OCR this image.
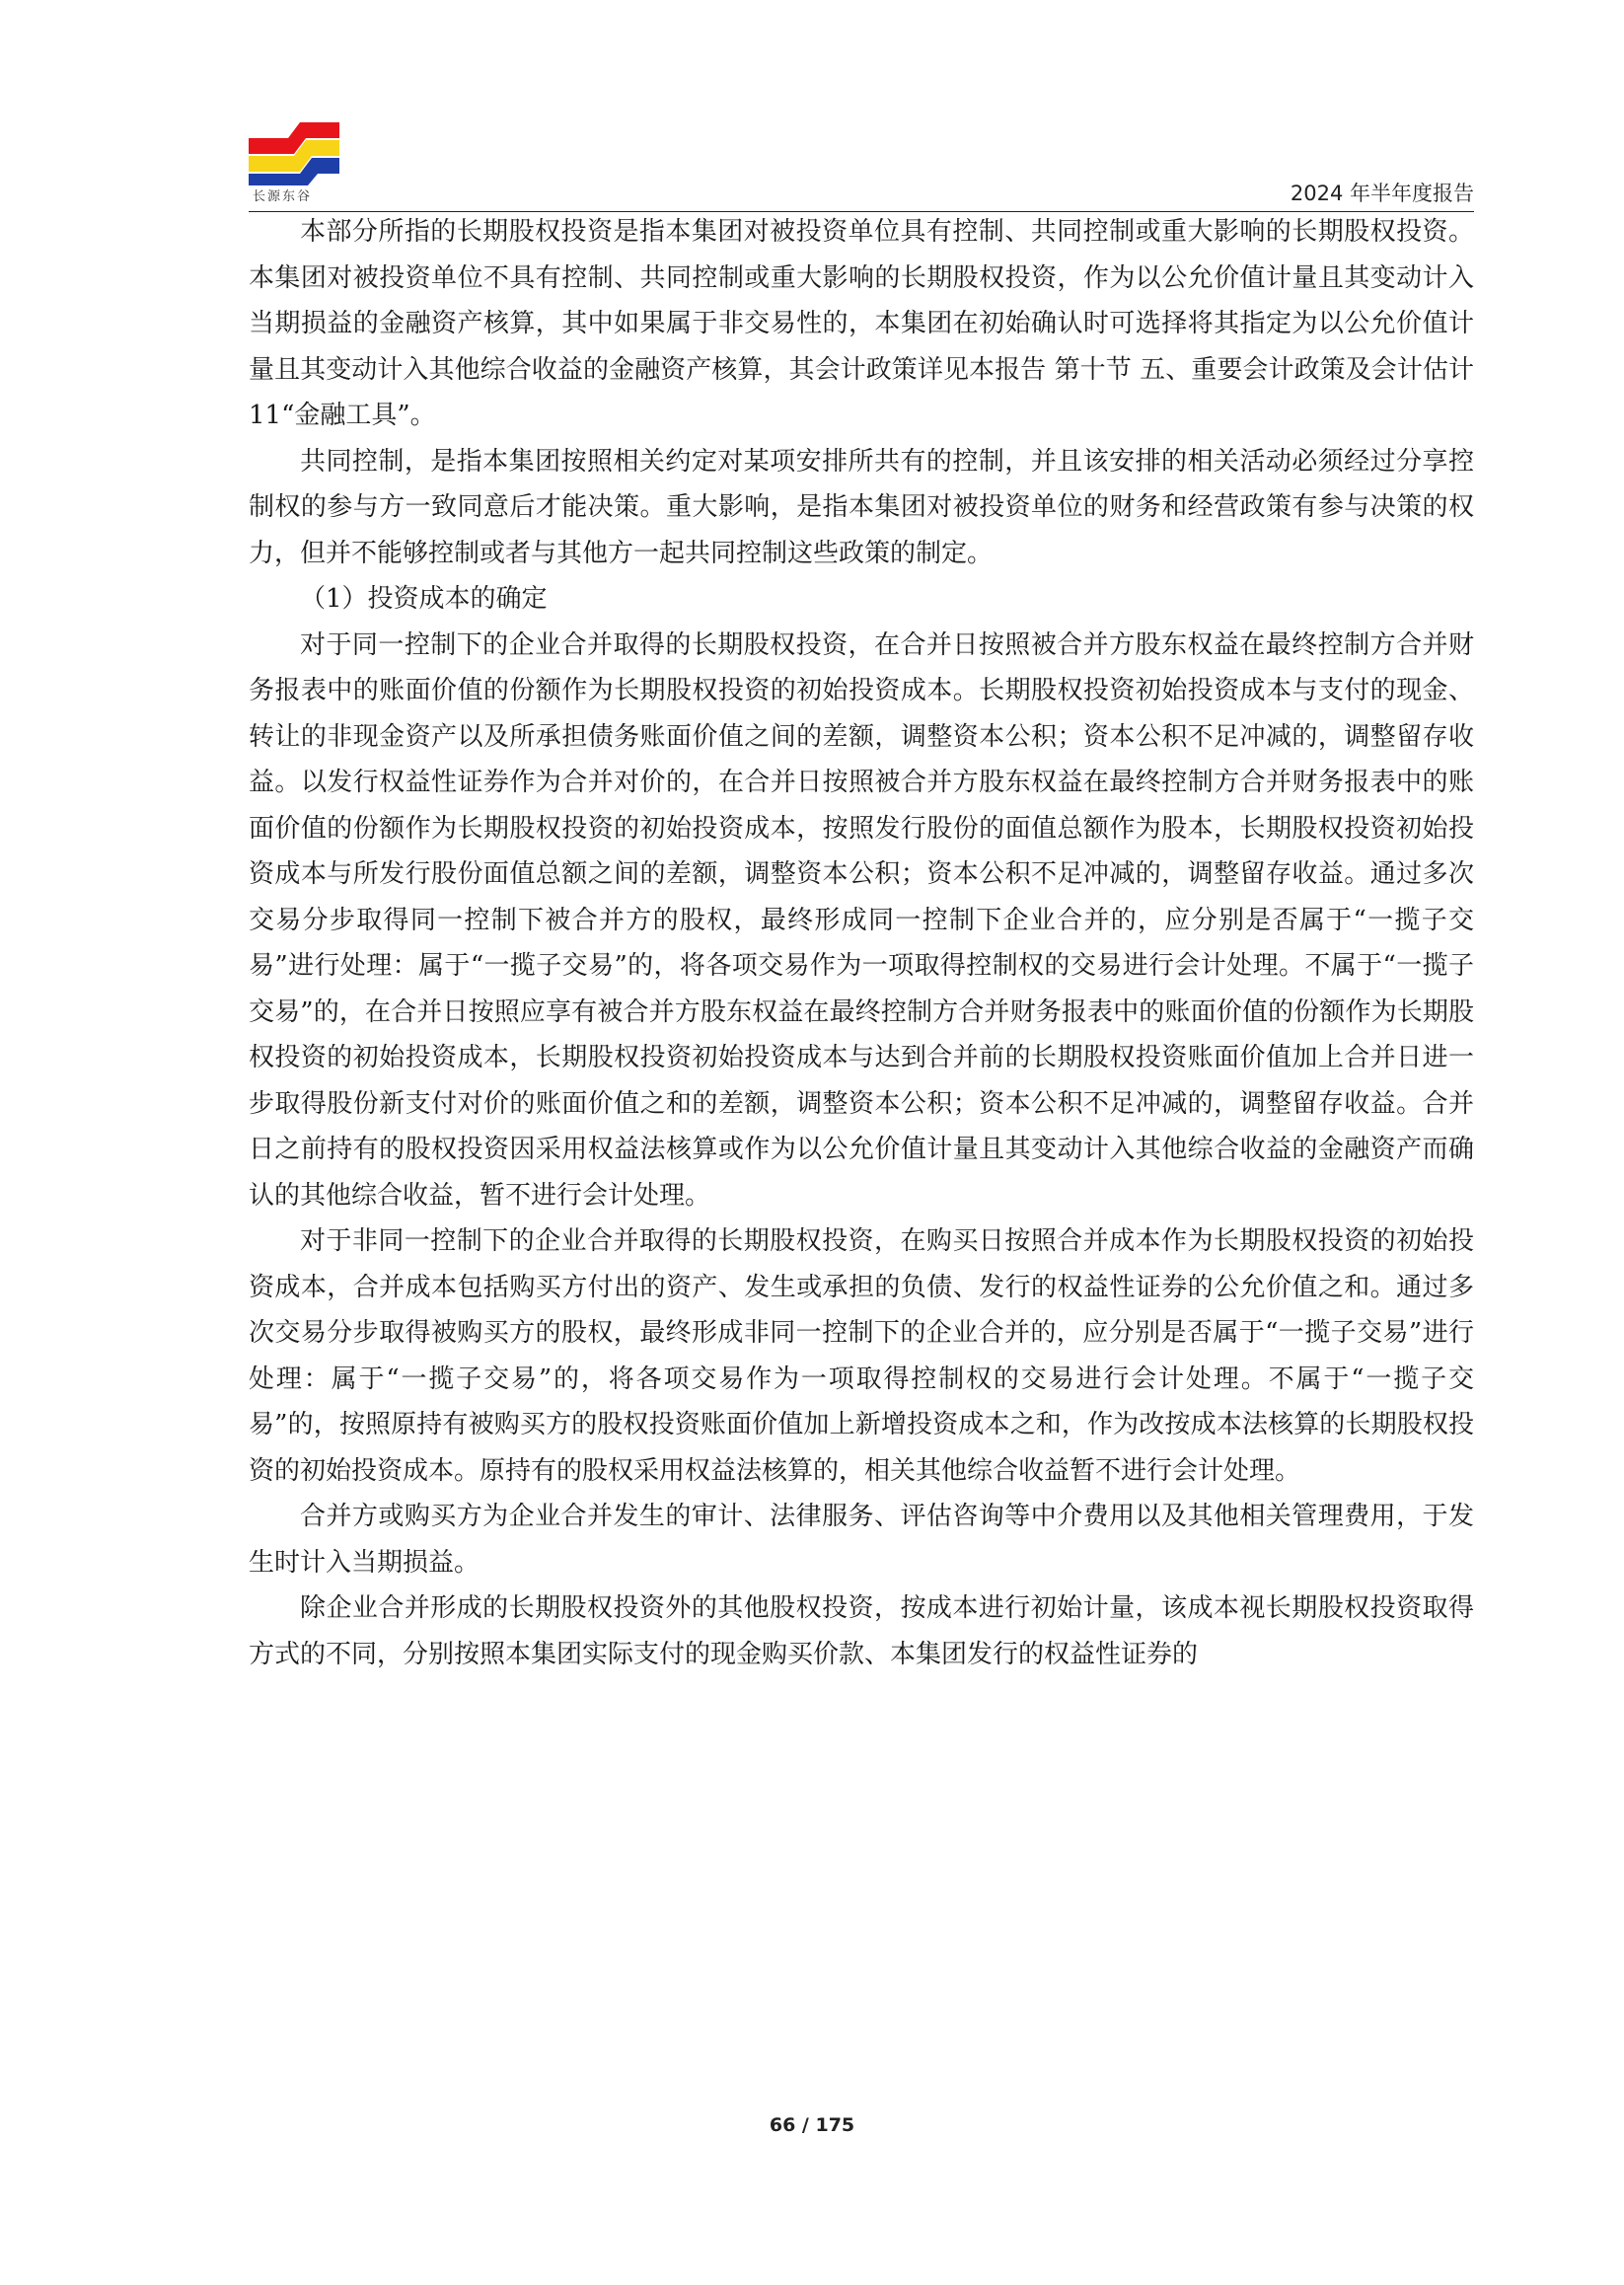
长源东谷	2024 年半年度报告

本部分所指的长期股权投资是指本集团对被投资单位具有控制、共同控制或重大影响的长期股权投资。本集团对被投资单位不具有控制、共同控制或重大影响的长期股权投资，作为以公允价值计量且其变动计入当期损益的金融资产核算，其中如果属于非交易性的，本集团在初始确认时可选择将其指定为以公允价值计量且其变动计入其他综合收益的金融资产核算，其会计政策详见本报告 第十节 五、重要会计政策及会计估计 11“金融工具”。

共同控制，是指本集团按照相关约定对某项安排所共有的控制，并且该安排的相关活动必须经过分享控制权的参与方一致同意后才能决策。重大影响，是指本集团对被投资单位的财务和经营政策有参与决策的权力，但并不能够控制或者与其他方一起共同控制这些政策的制定。

（1）投资成本的确定

对于同一控制下的企业合并取得的长期股权投资，在合并日按照被合并方股东权益在最终控制方合并财务报表中的账面价值的份额作为长期股权投资的初始投资成本。长期股权投资初始投资成本与支付的现金、转让的非现金资产以及所承担债务账面价值之间的差额，调整资本公积；资本公积不足冲减的，调整留存收益。以发行权益性证券作为合并对价的，在合并日按照被合并方股东权益在最终控制方合并财务报表中的账面价值的份额作为长期股权投资的初始投资成本，按照发行股份的面值总额作为股本，长期股权投资初始投资成本与所发行股份面值总额之间的差额，调整资本公积；资本公积不足冲减的，调整留存收益。通过多次交易分步取得同一控制下被合并方的股权，最终形成同一控制下企业合并的，应分别是否属于“一揽子交易”进行处理：属于“一揽子交易”的，将各项交易作为一项取得控制权的交易进行会计处理。不属于“一揽子交易”的，在合并日按照应享有被合并方股东权益在最终控制方合并财务报表中的账面价值的份额作为长期股权投资的初始投资成本，长期股权投资初始投资成本与达到合并前的长期股权投资账面价值加上合并日进一步取得股份新支付对价的账面价值之和的差额，调整资本公积；资本公积不足冲减的，调整留存收益。合并日之前持有的股权投资因采用权益法核算或作为以公允价值计量且其变动计入其他综合收益的金融资产而确认的其他综合收益，暂不进行会计处理。

对于非同一控制下的企业合并取得的长期股权投资，在购买日按照合并成本作为长期股权投资的初始投资成本，合并成本包括购买方付出的资产、发生或承担的负债、发行的权益性证券的公允价值之和。通过多次交易分步取得被购买方的股权，最终形成非同一控制下的企业合并的，应分别是否属于“一揽子交易”进行处理：属于“一揽子交易”的，将各项交易作为一项取得控制权的交易进行会计处理。不属于“一揽子交易”的，按照原持有被购买方的股权投资账面价值加上新增投资成本之和，作为改按成本法核算的长期股权投资的初始投资成本。原持有的股权采用权益法核算的，相关其他综合收益暂不进行会计处理。

合并方或购买方为企业合并发生的审计、法律服务、评估咨询等中介费用以及其他相关管理费用，于发生时计入当期损益。

除企业合并形成的长期股权投资外的其他股权投资，按成本进行初始计量，该成本视长期股权投资取得方式的不同，分别按照本集团实际支付的现金购买价款、本集团发行的权益性证券的

66 / 175
